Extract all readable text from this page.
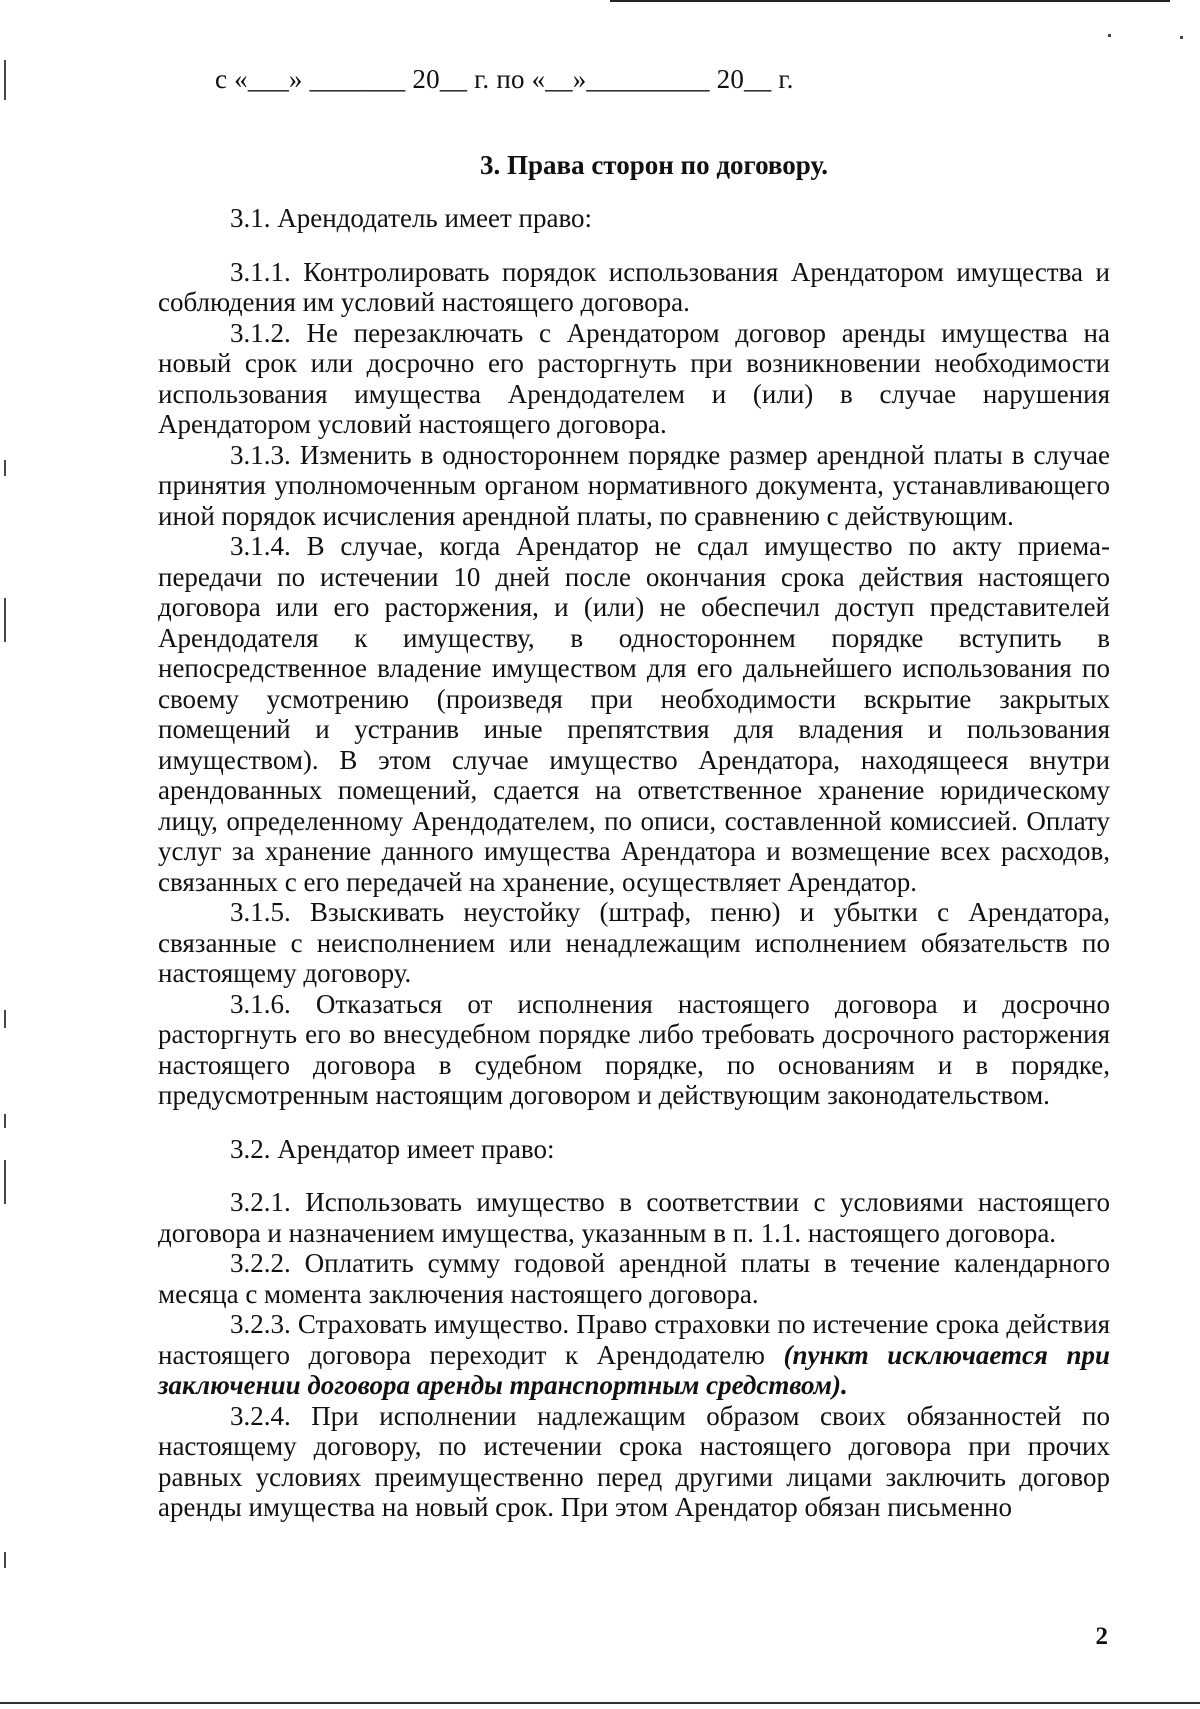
с «___» _______ 20__ г. по «__»_________ 20__ г.
3. Права сторон по договору.
3.1. Арендодатель имеет право:
3.1.1. Контролировать порядок использования Арендатором имущества и соблюдения им условий настоящего договора.
3.1.2. Не перезаключать с Арендатором договор аренды имущества на новый срок или досрочно его расторгнуть при возникновении необходимости использования имущества Арендодателем и (или) в случае нарушения Арендатором условий настоящего договора.
3.1.3. Изменить в одностороннем порядке размер арендной платы в случае принятия уполномоченным органом нормативного документа, устанавливающего иной порядок исчисления арендной платы, по сравнению с действующим.
3.1.4. В случае, когда Арендатор не сдал имущество по акту приема-передачи по истечении 10 дней после окончания срока действия настоящего договора или его расторжения, и (или) не обеспечил доступ представителей Арендодателя к имуществу, в одностороннем порядке вступить в непосредственное владение имуществом для его дальнейшего использования по своему усмотрению (произведя при необходимости вскрытие закрытых помещений и устранив иные препятствия для владения и пользования имуществом). В этом случае имущество Арендатора, находящееся внутри арендованных помещений, сдается на ответственное хранение юридическому лицу, определенному Арендодателем, по описи, составленной комиссией. Оплату услуг за хранение данного имущества Арендатора и возмещение всех расходов, связанных с его передачей на хранение, осуществляет Арендатор.
3.1.5. Взыскивать неустойку (штраф, пеню) и убытки с Арендатора, связанные с неисполнением или ненадлежащим исполнением обязательств по настоящему договору.
3.1.6. Отказаться от исполнения настоящего договора и досрочно расторгнуть его во внесудебном порядке либо требовать досрочного расторжения настоящего договора в судебном порядке, по основаниям и в порядке, предусмотренным настоящим договором и действующим законодательством.
3.2. Арендатор имеет право:
3.2.1. Использовать имущество в соответствии с условиями настоящего договора и назначением имущества, указанным в п. 1.1. настоящего договора.
3.2.2. Оплатить сумму годовой арендной платы в течение календарного месяца с момента заключения настоящего договора.
3.2.3. Страховать имущество. Право страховки по истечение срока действия настоящего договора переходит к Арендодателю (пункт исключается при заключении договора аренды транспортным средством).
3.2.4. При исполнении надлежащим образом своих обязанностей по настоящему договору, по истечении срока настоящего договора при прочих равных условиях преимущественно перед другими лицами заключить договор аренды имущества на новый срок. При этом Арендатор обязан письменно
2
